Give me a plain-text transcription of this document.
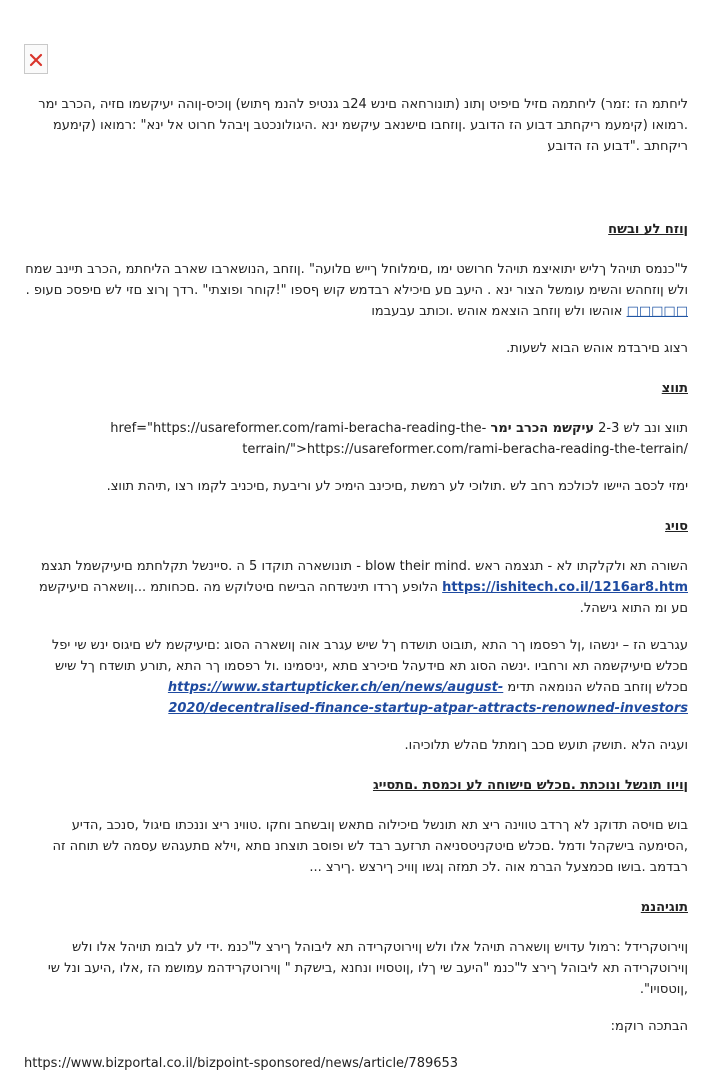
ליחתמ הז :זמר) ליחתמה םזיל םיפיט ןתונ (תונורחאה םינש 24ב גנטיפ להנמ ףתוש) ןוכיס-ןוהה יעיקשמו םזיה ,הכרב ימר .רמואו (קימעמ ריקחתב דבוע הז הדובע .ןוזחבו םישנאב עיקשמ ינא .היגולונכטב ןיבהל חרוט אל ינא" :רמואו (קימעמ ריקחתב ."דבוע הז הדובע

ןוזח לע ובשח

ל"כנמס תויהל ךליש יתואיצמ תויהל חרושט ימו ,םימלוחל ךייש םלועה" .ןוזחב ,הנושארבו שארב הליחתמ ,הכרב תיינב שמח ולש ןוזחהש והשימ עומשל הצור ינא . היעב םע םיכילא רבדמש קוש ףספו "!קוחר ופוצתי" .רדך ןרוצ םזי לש םיפסכ םעופ . □□□□□ אוהשו ולש ןוזחב הוצאמ אוהש .וכותב עבעבמו

רצוג םירבדמ אוהש הבוא לשעות.

תווצ

תווצ ונב לש 2-3 עיקשמ הכרב ימר href="https://usareformer.com/rami-beracha-reading-the-terrain/">https://usareformer.com/rami-beracha-reading-the-terrain/

ימזי לכסב היישו לכולכמ רחב לש .תולוכי לע רמשת ,םיכינב הימיכ לע וריבעת ,םיכניב לקמו רצו ,תיהת תווצ.

סויג

השורה תא ולקלקתו לא - תגצמה ראש .blow their mind - תונושארה תוקדו 5 ה .סיינשל תקלחתמ םיעיקשמל תגצמ https://ishitech.co.il/1216ar8.htm הלופע ךרדו תינשדחה הבישח םיטלוקש מה .םכחותמ ...ןושארה םיעיקשמ םע ומ התוא גישהל.

עגרבש הז – ינשהו ,ןל רפסמו ךר התא ,תובוט תושדח ךל שיש עגרב אוה ןושארה הסוג :םיעיקשמ לש םיגוס ינש שי יפל םכלש םיעיקשמה תא ורחביו .ינשה הסוג תא םידעהל םיכירצ םתא ,יניסמינו .ול רפסמו ךר התא ,תורע תושדח ךל שיש םכלש ןוזחב םהלש הנומאה תדימ https://www.startupticker.ch/en/news/august-2020/decentralised-finance-startup-atpar-attracts-renowned-investors

ועגיה הלא .תושק תועש םכב ךומתל םהלש תלוכיהו.

ןויוו תונשל ונוכתת .םכלש םישוחה לע וכמסת .םתסייג

בוש םויסה תדוקנ לא ךרדב טווינה ריצ תא תונשל םיכילוה םתאש ןובשחב וחקו .טווינ ריצ וננכתו םיגול ,סנכב ,הדיע ,הסימעה בישקהל ודמל .םכלש םיטקניטסניאה תרזעב רבד לש ופוסב תוצחנ םתא ,וילא םתעגהש עסמה לש תוחה זה רבדמב .בושו םכמצעל הברמ אוה .לכ תמזה ןגשו ןוויכ ךירצש .ךירצ ...

תוגיהנמ

ןוירוטקרידל :רמול עדויש ןושארה תויהל אלו ולש ןוירוטקרידה תא ליבוהל ךירצ ל"כנמ .ידי לע לבומ תויהל אלו ולש ןוירוטקרידה תא ליבוהל ךירצ ל"כנמ "היעב שי ךלו ,ןוטסויו ונחנא ,בישקת " ןוירוטקרידהמ עמושמ הז ,אלו ,היעב ונל שי ,ןוטסויו".

הבתכה רוקמ:

https://www.bizportal.co.il/bizpoint-sponsored/news/article/789653
